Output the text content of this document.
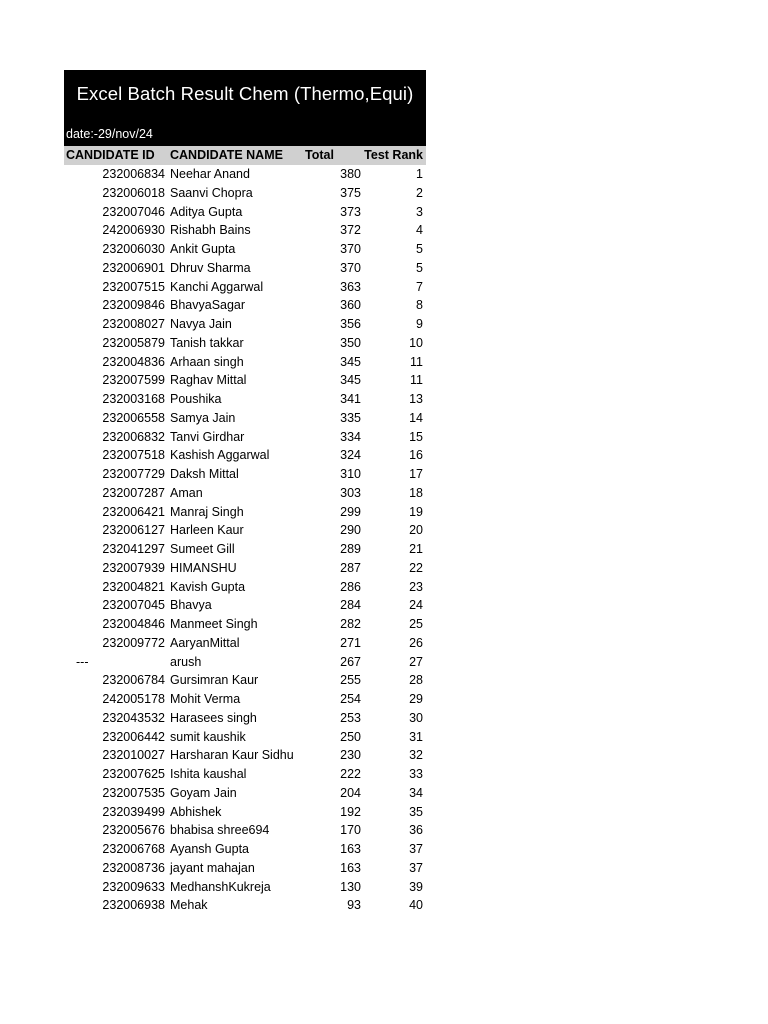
Excel Batch Result Chem (Thermo,Equi)
date:-29/nov/24
CANDIDATE ID	CANDIDATE NAME	Total	Test Rank
232006834 Neehar Anand	380	1
232006018 Saanvi Chopra	375	2
232007046 Aditya Gupta	373	3
242006930 Rishabh Bains	372	4
232006030 Ankit Gupta	370	5
232006901 Dhruv Sharma	370	5
232007515 Kanchi Aggarwal	363	7
232009846 BhavyaSagar	360	8
232008027 Navya Jain	356	9
232005879 Tanish takkar	350	10
232004836 Arhaan singh	345	11
232007599 Raghav Mittal	345	11
232003168 Poushika	341	13
232006558 Samya Jain	335	14
232006832 Tanvi Girdhar	334	15
232007518 Kashish Aggarwal	324	16
232007729 Daksh Mittal	310	17
232007287 Aman	303	18
232006421 Manraj Singh	299	19
232006127 Harleen Kaur	290	20
232041297 Sumeet Gill	289	21
232007939 HIMANSHU	287	22
232004821 Kavish Gupta	286	23
232007045 Bhavya	284	24
232004846 Manmeet Singh	282	25
232009772 AaryanMittal	271	26
---	arush	267	27
232006784 Gursimran Kaur	255	28
242005178 Mohit Verma	254	29
232043532 Harasees singh	253	30
232006442 sumit kaushik	250	31
232010027 Harsharan Kaur Sidhu	230	32
232007625 Ishita kaushal	222	33
232007535 Goyam Jain	204	34
232039499 Abhishek	192	35
232005676 bhabisa shree694	170	36
232006768 Ayansh Gupta	163	37
232008736 jayant mahajan	163	37
232009633 MedhanshKukreja	130	39
232006938 Mehak	93	40
